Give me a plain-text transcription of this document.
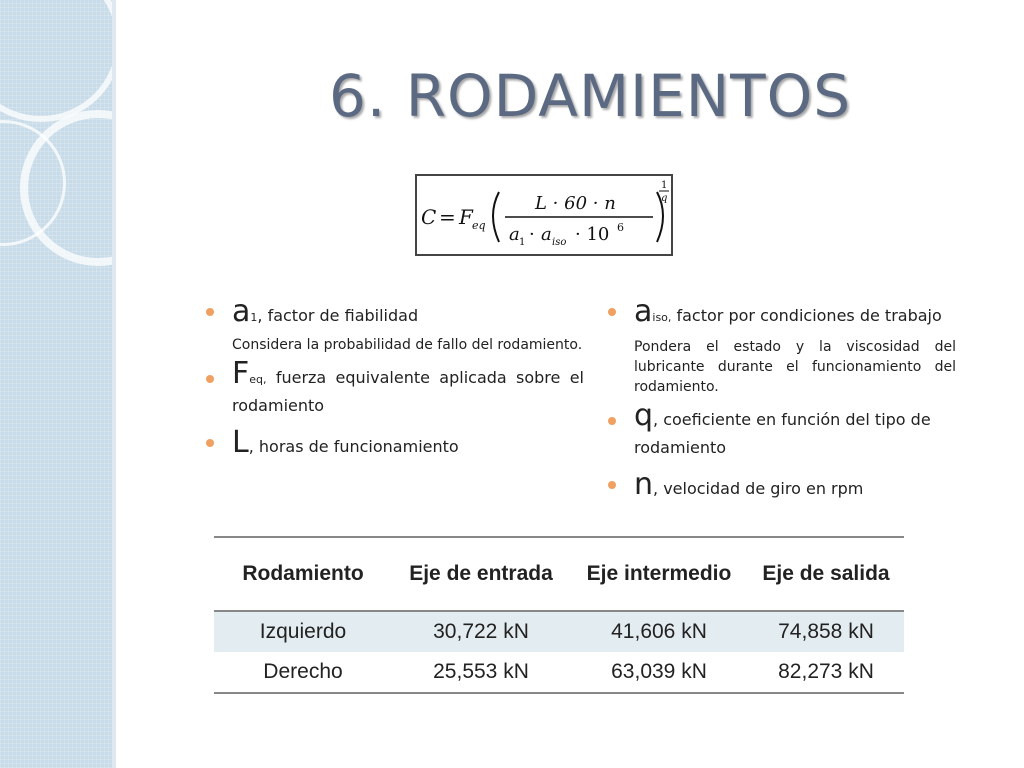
6. RODAMIENTOS
C = F eq
L · 60 · n
a 1 · a iso · 10 6
1
q
a1, factor de fiabilidad

Considera la probabilidad de fallo del rodamiento.

Feq, fuerza equivalente aplicada sobre el rodamiento
L, horas de funcionamiento
aiso, factor por condiciones de trabajo

Pondera el estado y la viscosidad del lubricante durante el funcionamiento del rodamiento.

q, coeficiente en función del tipo de rodamiento
n, velocidad de giro en rpm
Rodamiento	Eje de entrada	Eje intermedio	Eje de salida
Izquierdo	30,722 kN	41,606 kN	74,858 kN
Derecho	25,553 kN	63,039 kN	82,273 kN
